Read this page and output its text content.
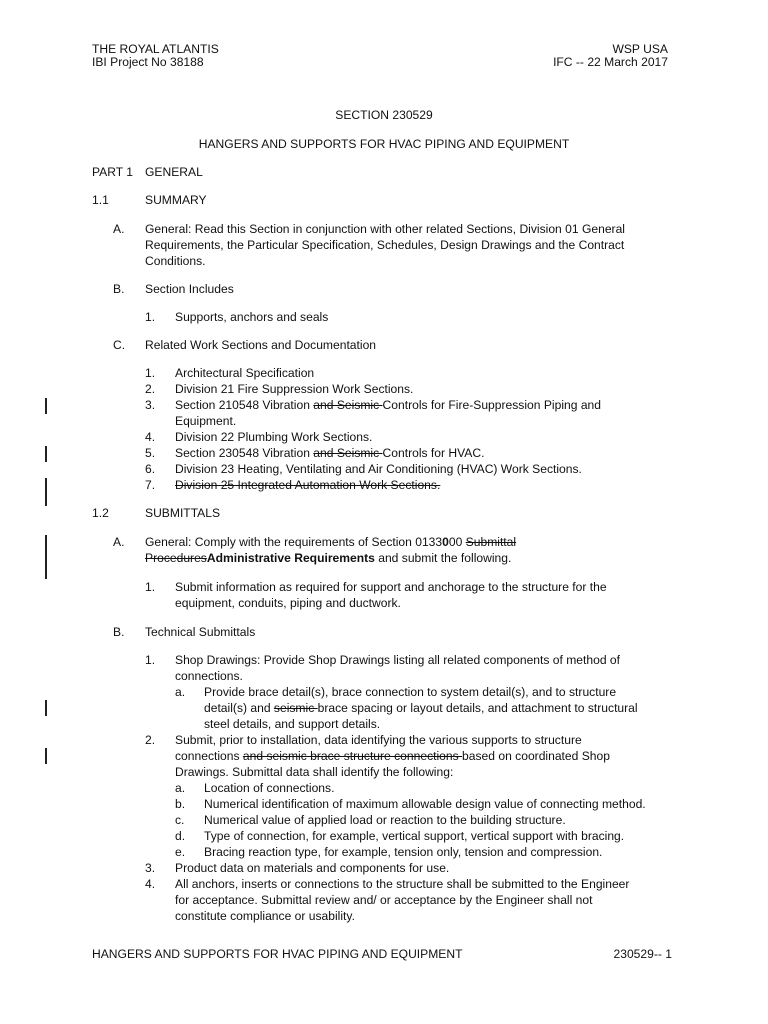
THE ROYAL ATLANTIS
IBI Project No 38188
WSP USA
IFC -- 22 March 2017
SECTION 230529
HANGERS AND SUPPORTS FOR HVAC PIPING AND EQUIPMENT
PART 1 GENERAL
1.1	SUMMARY
A. General: Read this Section in conjunction with other related Sections, Division 01 General
Requirements, the Particular Specification, Schedules, Design Drawings and the Contract
Conditions.
B. Section Includes
1. Supports, anchors and seals
C. Related Work Sections and Documentation
1. Architectural Specification
2. Division 21 Fire Suppression Work Sections.
3. Section 210548 Vibration and Seismic Controls for Fire-Suppression Piping and
Equipment.
4. Division 22 Plumbing Work Sections.
5. Section 230548 Vibration and Seismic Controls for HVAC.
6. Division 23 Heating, Ventilating and Air Conditioning (HVAC) Work Sections.
7. Division 25 Integrated Automation Work Sections.
1.2	SUBMITTALS
A. General: Comply with the requirements of Section 0133000 Submittal
ProceduresAdministrative Requirements and submit the following.
1. Submit information as required for support and anchorage to the structure for the
equipment, conduits, piping and ductwork.
B. Technical Submittals
1. Shop Drawings: Provide Shop Drawings listing all related components of method of
connections.
a. Provide brace detail(s), brace connection to system detail(s), and to structure
detail(s) and seismic brace spacing or layout details, and attachment to structural
steel details, and support details.
2. Submit, prior to installation, data identifying the various supports to structure
connections and seismic brace structure connections based on coordinated Shop
Drawings. Submittal data shall identify the following:
a. Location of connections.
b. Numerical identification of maximum allowable design value of connecting method.
c. Numerical value of applied load or reaction to the building structure.
d. Type of connection, for example, vertical support, vertical support with bracing.
e. Bracing reaction type, for example, tension only, tension and compression.
3. Product data on materials and components for use.
4. All anchors, inserts or connections to the structure shall be submitted to the Engineer
for acceptance. Submittal review and/ or acceptance by the Engineer shall not
constitute compliance or usability.
HANGERS AND SUPPORTS FOR HVAC PIPING AND EQUIPMENT	230529-- 1
